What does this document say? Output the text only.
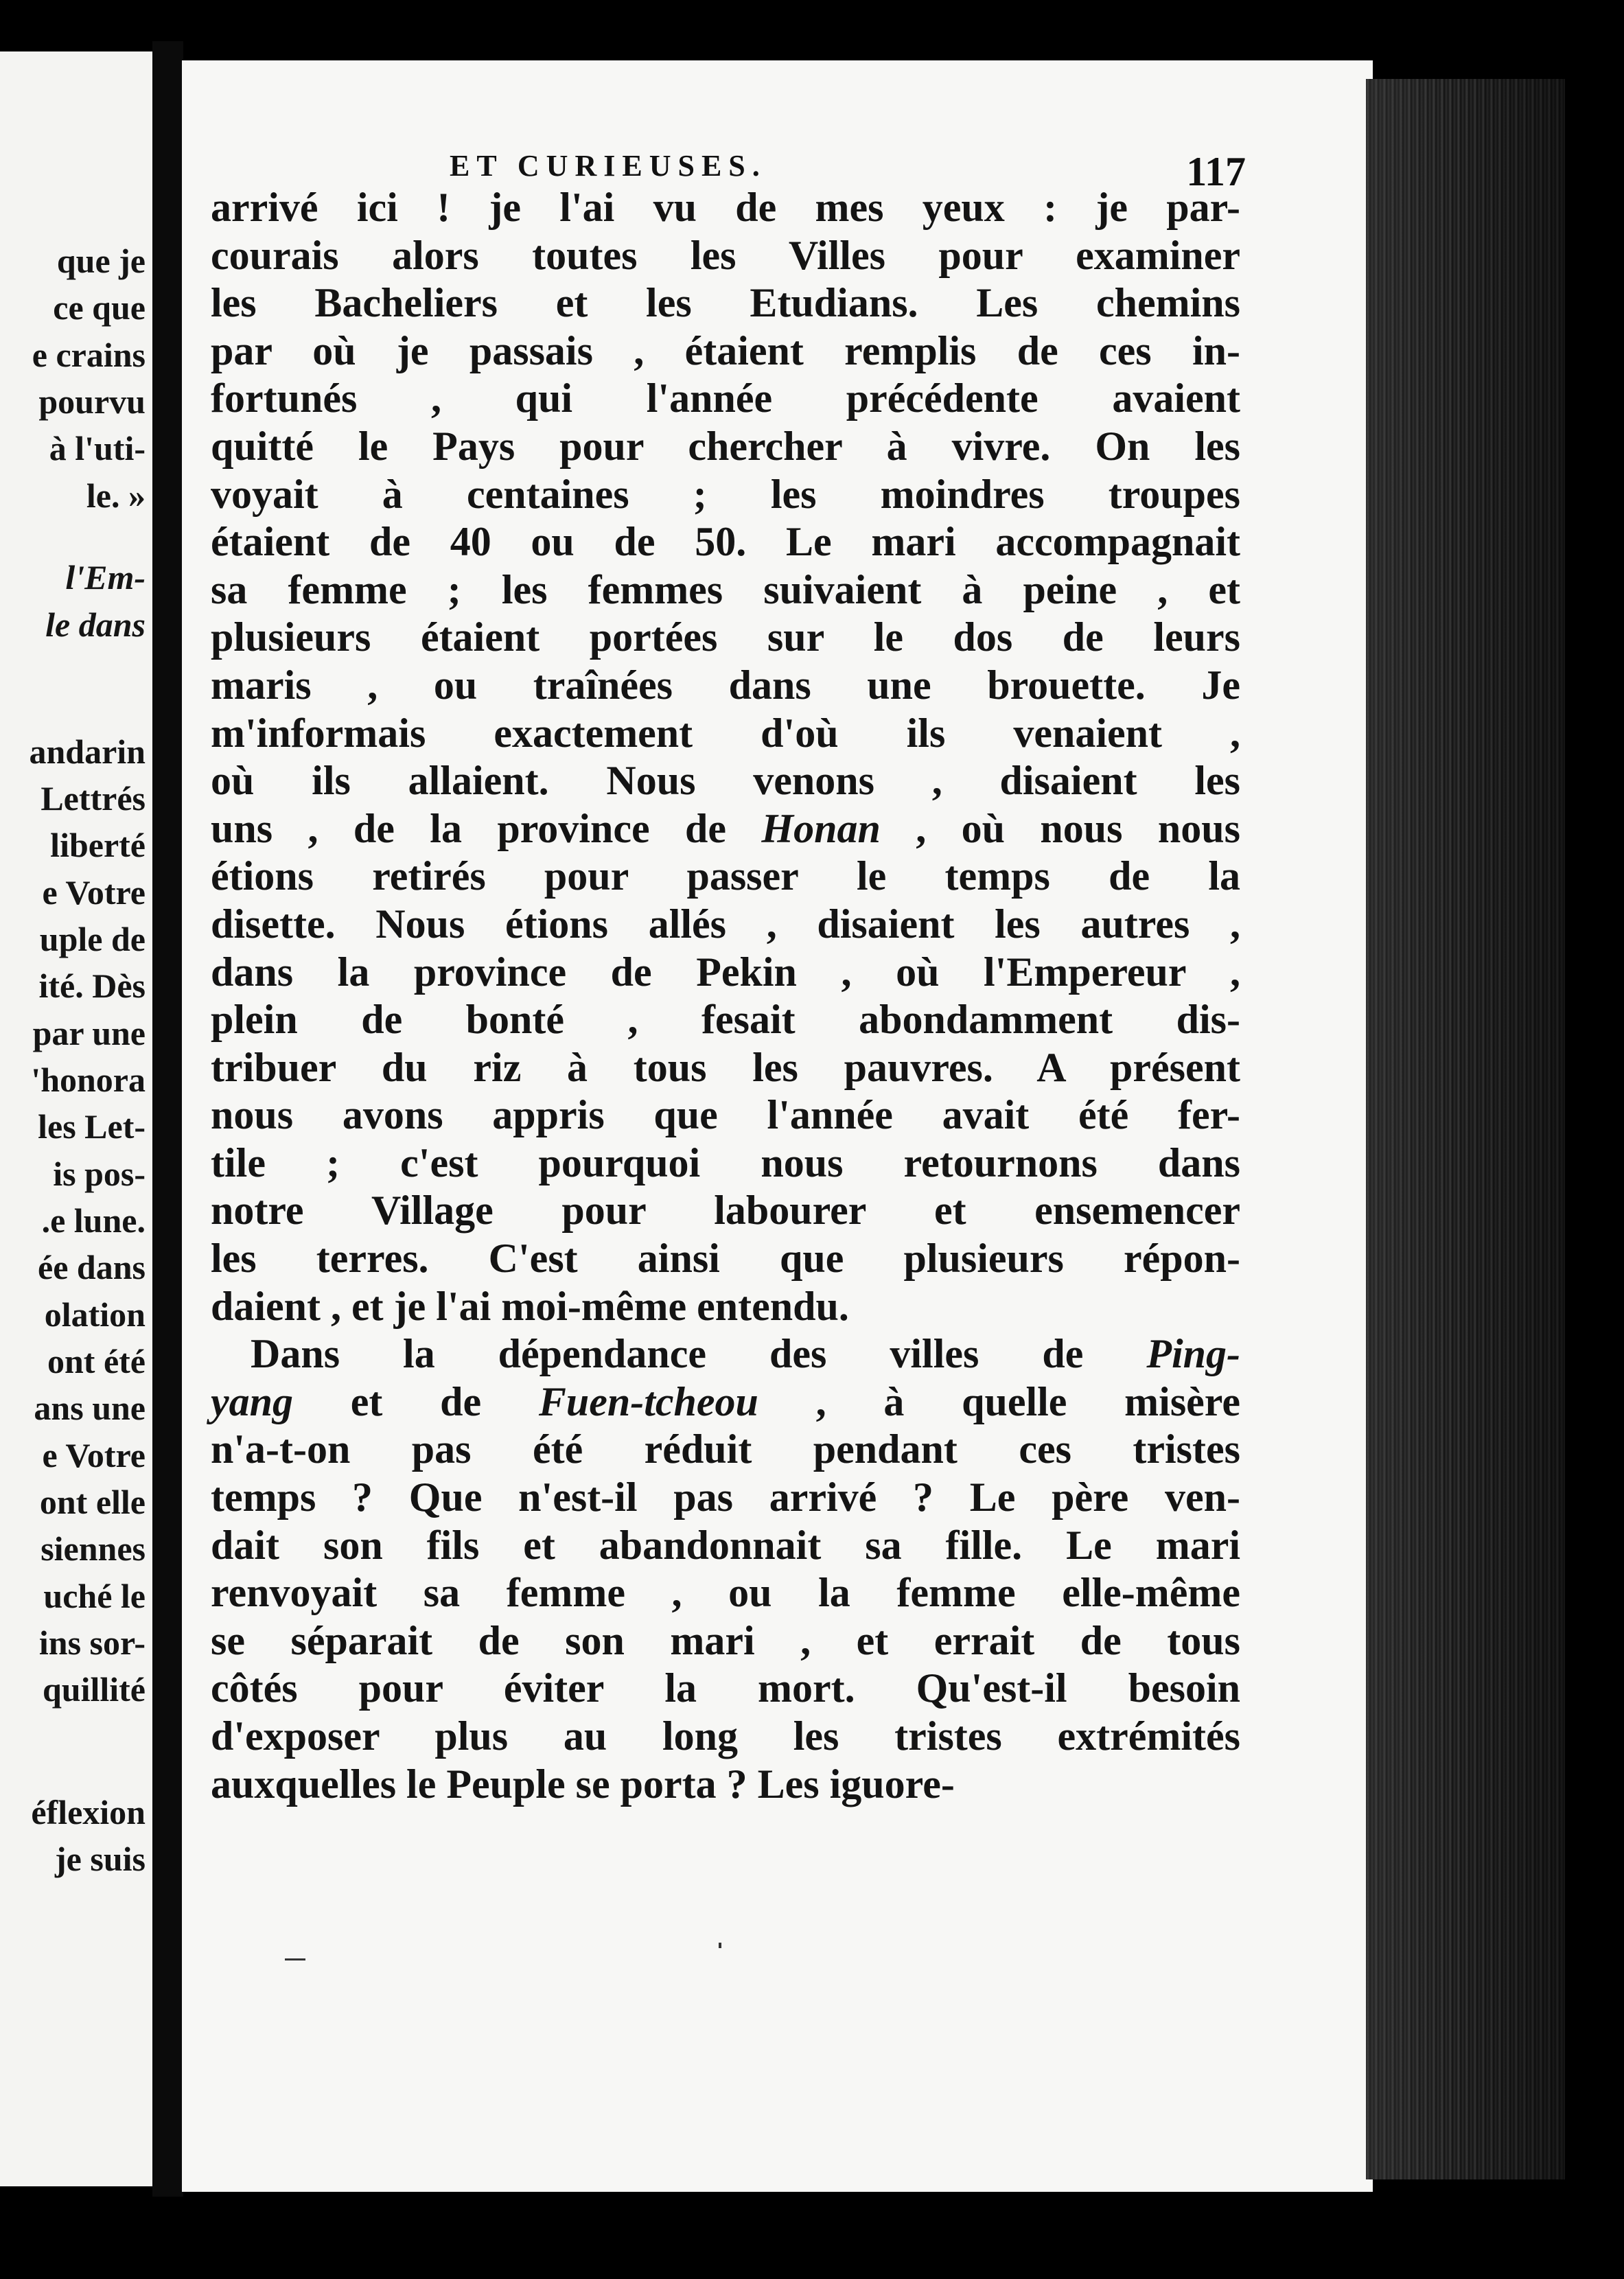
que je
ce que
e crains
pourvu
à l'uti-
le. »
l'Em-
le dans
andarin
Lettrés
liberté
e Votre
uple de
ité. Dès
par une
'honora
les Let-
is pos-
.e lune.
ée dans
olation
ont été
ans une
e Votre
ont elle
siennes
uché le
ins sor-
quillité
éflexion
je suis
ET CURIEUSES.	117
arrivé ici ! je l'ai vu de mes yeux : je par-
courais alors toutes les Villes pour examiner
les Bacheliers et les Etudians. Les chemins
par où je passais , étaient remplis de ces in-
fortunés , qui l'année précédente avaient
quitté le Pays pour chercher à vivre. On les
voyait à centaines ; les moindres troupes
étaient de 40 ou de 50. Le mari accompagnait
sa femme ; les femmes suivaient à peine , et
plusieurs étaient portées sur le dos de leurs
maris , ou traînées dans une brouette. Je
m'informais exactement d'où ils venaient ,
où ils allaient. Nous venons , disaient les
uns , de la province de Honan , où nous nous
étions retirés pour passer le temps de la
disette. Nous étions allés , disaient les autres ,
dans la province de Pekin , où l'Empereur ,
plein de bonté , fesait abondamment dis-
tribuer du riz à tous les pauvres. A présent
nous avons appris que l'année avait été fer-
tile ; c'est pourquoi nous retournons dans
notre Village pour labourer et ensemencer
les terres. C'est ainsi que plusieurs répon-
daient , et je l'ai moi-même entendu.
Dans la dépendance des villes de Ping-
yang et de Fuen-tcheou , à quelle misère
n'a-t-on pas été réduit pendant ces tristes
temps ? Que n'est-il pas arrivé ? Le père ven-
dait son fils et abandonnait sa fille. Le mari
renvoyait sa femme , ou la femme elle-même
se séparait de son mari , et errait de tous
côtés pour éviter la mort. Qu'est-il besoin
d'exposer plus au long les tristes extrémités
auxquelles le Peuple se porta ? Les iguore-
